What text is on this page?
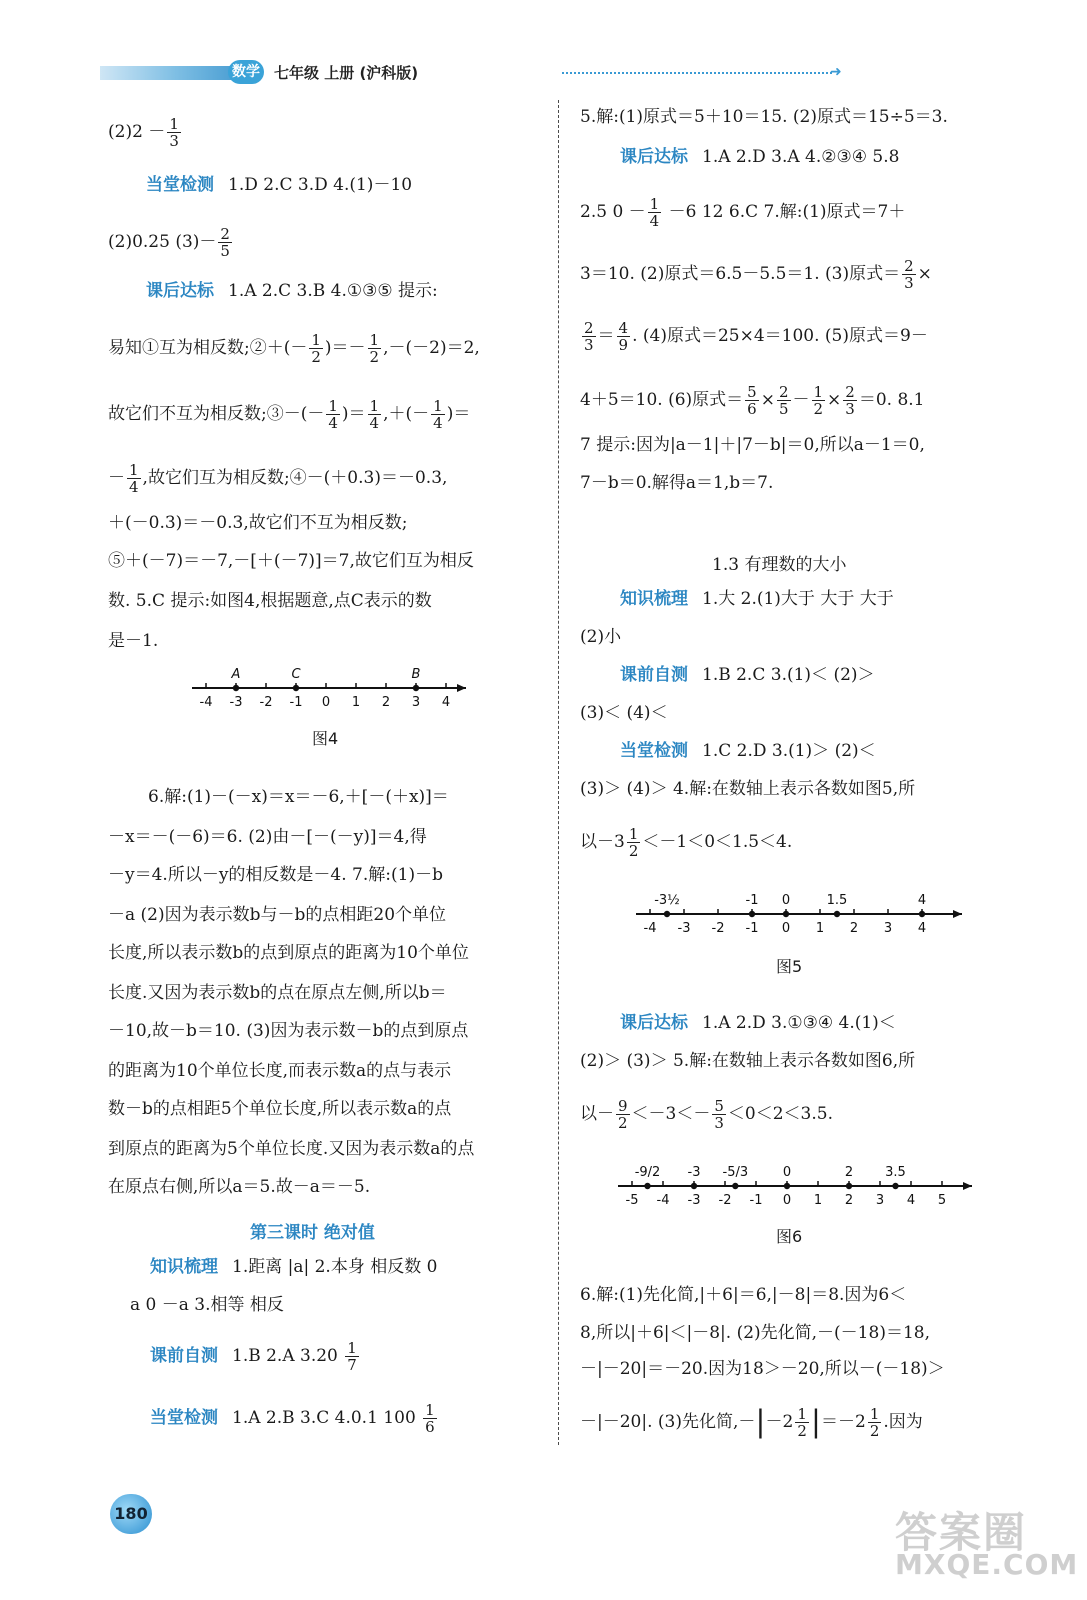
数学 七年级 上册 (沪科版)	➜
$(2)2 - \frac{1}{3}$
当堂检测 1.D 2.C 3.D 4.(1)－10
(2)0.25 $(3)- \frac{2}{5}$
课后达标 1.A 2.C 3.B 4.①③⑤ 提示:
易知①互为相反数;②＋(－ $\frac{1}{2}$ )＝－ $\frac{1}{2} ,-(-2)=2$,
故它们不互为相反数;③－(－ $\frac{1}{4}$ )＝ $\frac{1}{4}$ ,＋(－ $\frac{1}{4}$ )＝
－ $\frac{1}{4}$ ,故它们互为相反数;④－(＋0.3)＝－0.3,
＋(－0.3)＝－0.3,故它们不互为相反数;
⑤＋(－7)＝－7,－[＋(－7)]＝7,故它们互为相反
数. 5.C 提示:如图4,根据题意,点C表示的数
是－1.
-4 -3 -2 -1 0 1 2 3 4
A	C	B
图4
6.解:(1)－(－x)＝x＝－6,＋[－(＋x)]＝
－x＝－(－6)＝6. (2)由－[－(－y)]＝4,得
－y＝4.所以－y的相反数是－4. 7.解:(1)－b
－a (2)因为表示数b与－b的点相距20个单位
长度,所以表示数b的点到原点的距离为10个单位
长度.又因为表示数b的点在原点左侧,所以b＝
－10,故－b＝10. (3)因为表示数－b的点到原点
的距离为10个单位长度,而表示数a的点与表示
数－b的点相距5个单位长度,所以表示数a的点
到原点的距离为5个单位长度.又因为表示数a的点
在原点右侧,所以a＝5.故－a＝－5.
第三课时 绝对值
知识梳理 1.距离 |a| 2.本身 相反数 0
a 0 －a 3.相等 相反
课前自测 1.B 2.A $3.20 \frac{1}{7}$
当堂检测 1.A 2.B 3.C 4.0.1 $100 \frac{1}{6}$
5.解:(1)原式＝5＋10＝15. (2)原式＝15÷5＝3.
课后达标 1.A 2.D 3.A 4.②③④ 5.8
2.5 $0 - \frac{1}{4} -6$ 12 6.C 7.解:(1)原式＝7＋
3＝10. (2)原式＝6.5－5.5＝1. (3)原式＝ $\frac{2}{3}$ ×
$\frac{2}{3} = \frac{4}{9}$ . (4)原式＝25×4＝100. (5)原式＝9－
4＋5＝10. (6)原式＝ $\frac{5}{6} \times \frac{2}{5} - \frac{1}{2} \times \frac{2}{3} =0$. 8.1
7 提示:因为|a－1|＋|7－b|＝0,所以a－1＝0,
7－b＝0.解得a＝1,b＝7.
1.3 有理数的大小
知识梳理 1.大 2.(1)大于 大于 大于
(2)小
课前自测 1.B 2.C 3.(1)＜ (2)＞
(3)＜ (4)＜
当堂检测 1.C 2.D 3.(1)＞ (2)＜
(3)＞ (4)＞ 4.解:在数轴上表示各数如图5,所
以$-3 \frac{1}{2} <-1<0<1.5<4$.
-4 -3 -2 -1 0 1 2 3 4
-3½	-1 0	1.5	4
图5
课后达标 1.A 2.D 3.①③④ 4.(1)＜
(2)＞ (3)＞ 5.解:在数轴上表示各数如图6,所
以－ $\frac{9}{2} <-3<- \frac{5}{3} <0<2<3.5$.
-5 -4 -3 -2 -1 0 1 2 3 4 5
-9/2 -3 -5/3	0	2 3.5
图6
6.解:(1)先化简,|＋6|＝6,|－8|＝8.因为6＜
8,所以|＋6|＜|－8|. (2)先化简,－(－18)＝18,
－|－20|＝－20.因为18＞－20,所以－(－18)＞
－|－20|. (3)先化简$,-|-2 \frac{1}{2} |=-2 \frac{1}{2}$ .因为
180	答案圈
MXQE.COM
